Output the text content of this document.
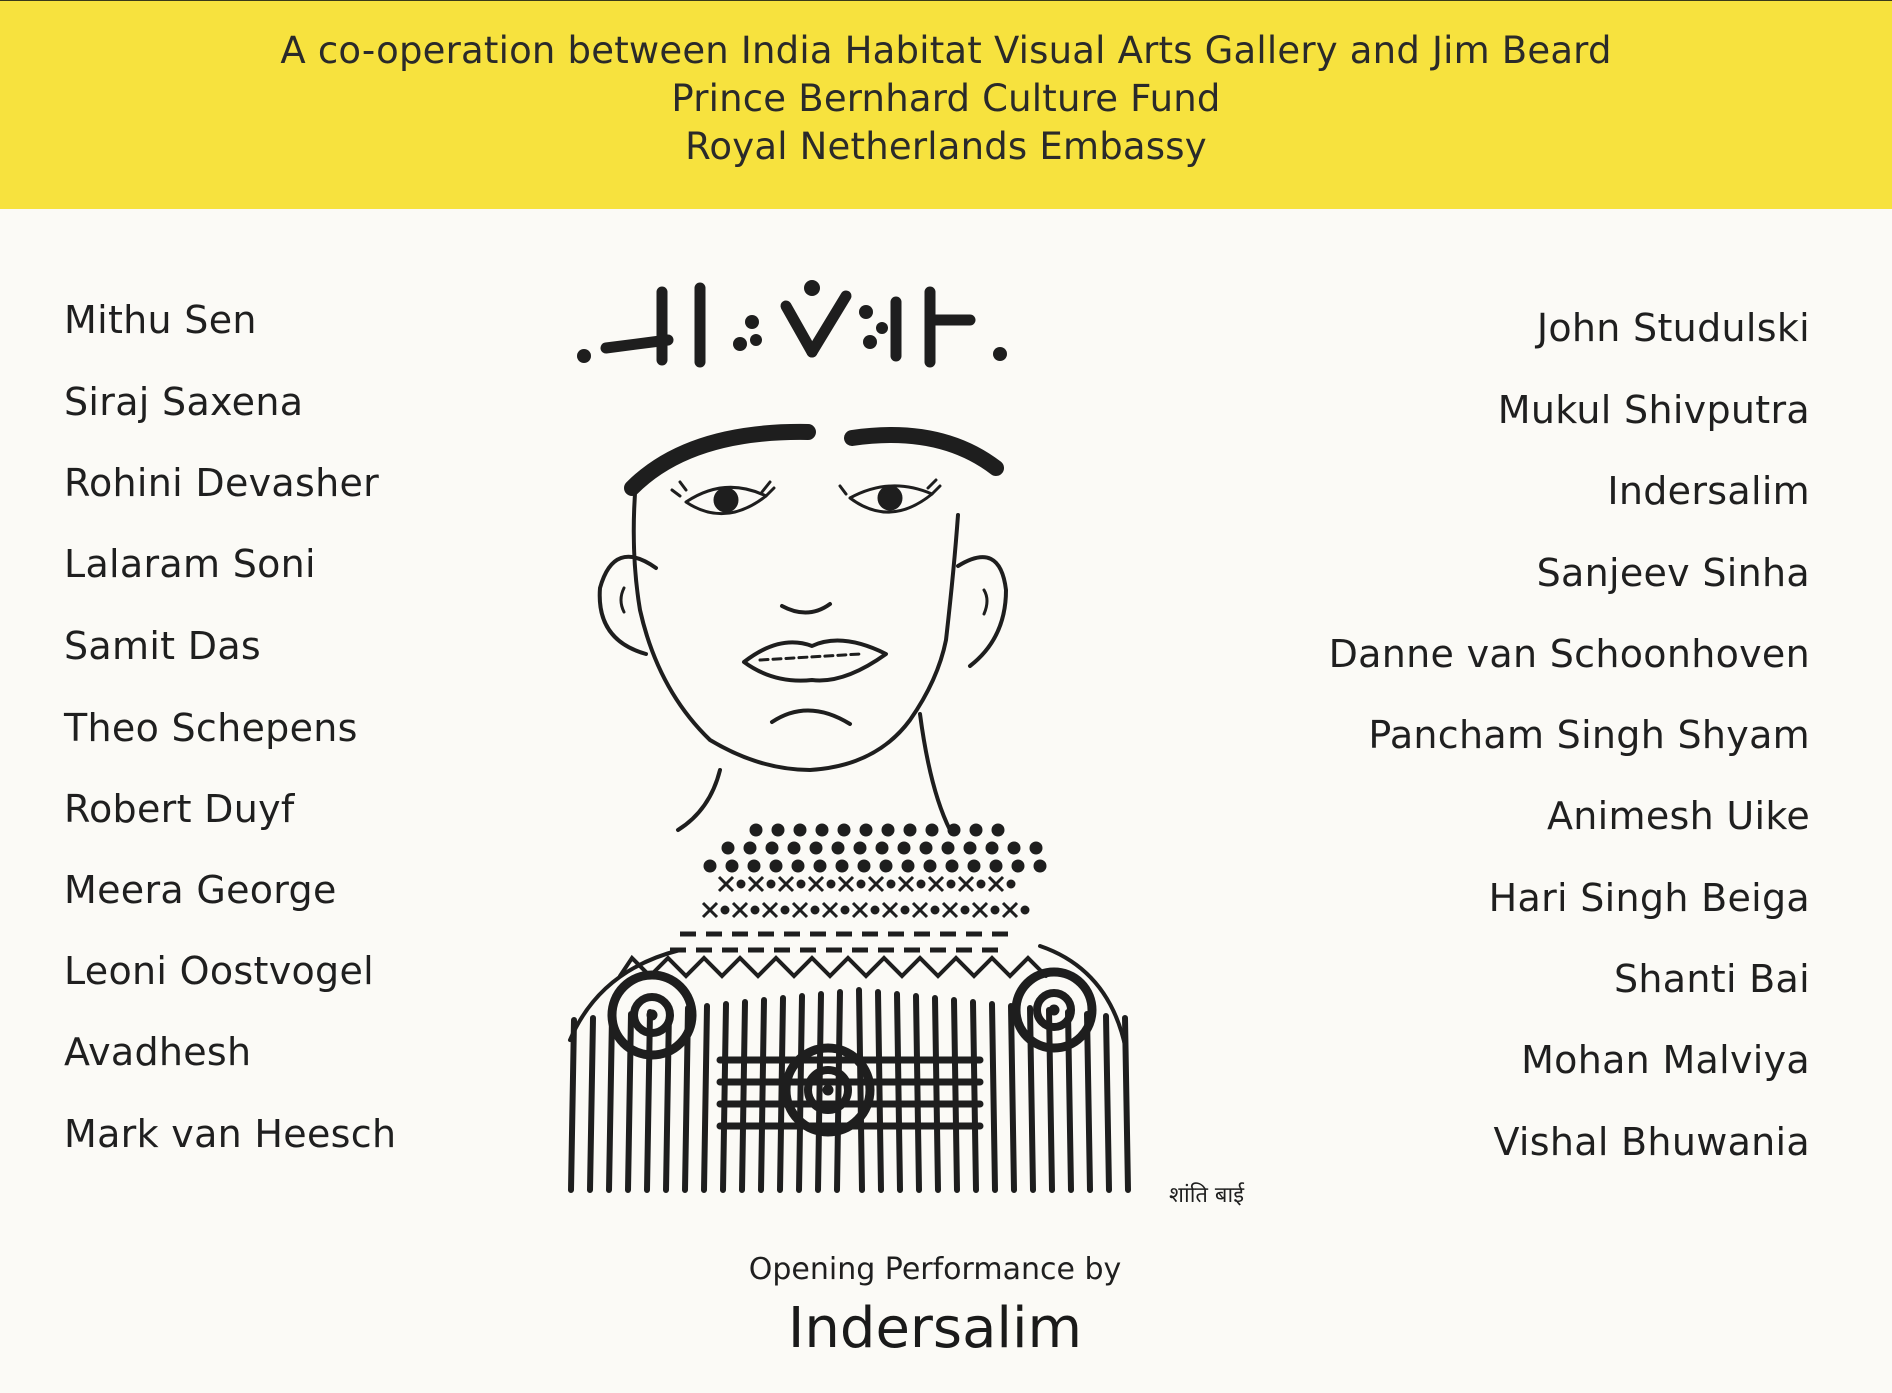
A co-operation between India Habitat Visual Arts Gallery and Jim Beard
Prince Bernhard Culture Fund
Royal Netherlands Embassy
Mithu Sen
Siraj Saxena
Rohini Devasher
Lalaram Soni
Samit Das
Theo Schepens
Robert Duyf
Meera George
Leoni Oostvogel
Avadhesh
Mark van Heesch
John Studulski
Mukul Shivputra
Indersalim
Sanjeev Sinha
Danne van Schoonhoven
Pancham Singh Shyam
Animesh Uike
Hari Singh Beiga
Shanti Bai
Mohan Malviya
Vishal Bhuwania
शांति बाई
Opening Performance by
Indersalim
